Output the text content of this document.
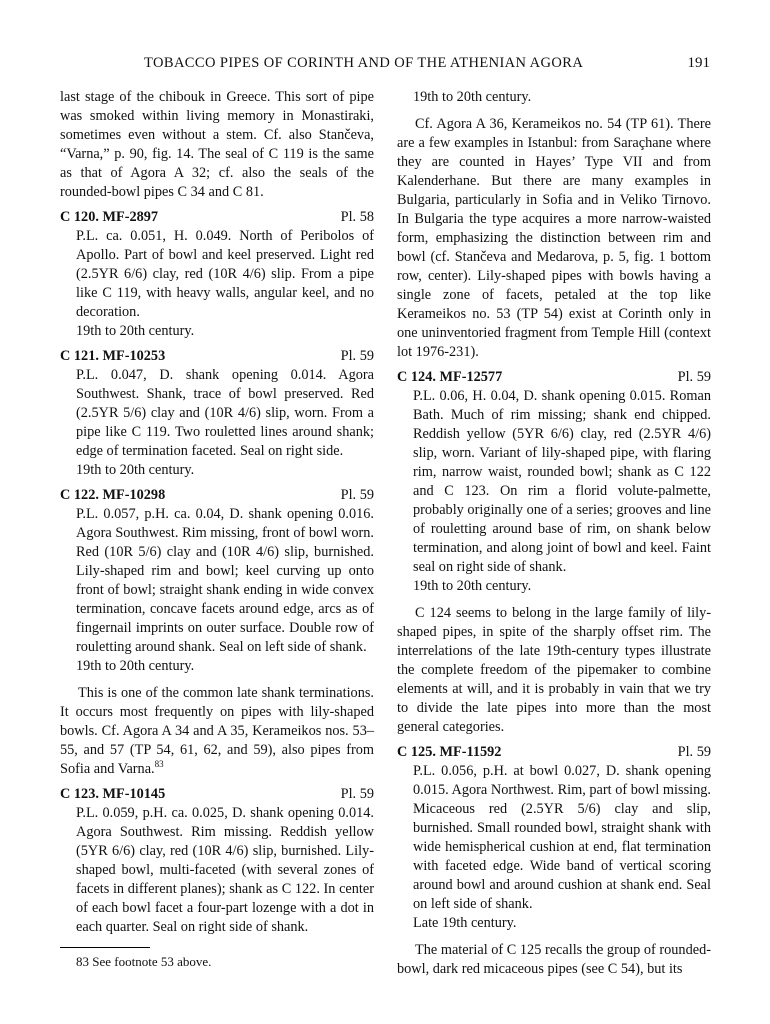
TOBACCO PIPES OF CORINTH AND OF THE ATHENIAN AGORA	191

last stage of the chibouk in Greece. This sort of pipe was smoked within living memory in Monastiraki, sometimes even without a stem. Cf. also Stančeva, “Varna,” p. 90, fig. 14. The seal of C 119 is the same as that of Agora A 32; cf. also the seals of the rounded-bowl pipes C 34 and C 81.

C 120. MF-2897	Pl. 58

P.L. ca. 0.051, H. 0.049. North of Peribolos of Apollo. Part of bowl and keel preserved. Light red (2.5YR 6/6) clay, red (10R 4/6) slip. From a pipe like C 119, with heavy walls, angular keel, and no decoration.

19th to 20th century.

C 121. MF-10253	Pl. 59

P.L. 0.047, D. shank opening 0.014. Agora Southwest. Shank, trace of bowl preserved. Red (2.5YR 5/6) clay and (10R 4/6) slip, worn. From a pipe like C 119. Two rouletted lines around shank; edge of termination faceted. Seal on right side.

19th to 20th century.

C 122. MF-10298	Pl. 59

P.L. 0.057, p.H. ca. 0.04, D. shank opening 0.016. Agora Southwest. Rim missing, front of bowl worn. Red (10R 5/6) clay and (10R 4/6) slip, burnished. Lily-shaped rim and bowl; keel curving up onto front of bowl; straight shank ending in wide convex termination, concave facets around edge, arcs as of fingernail imprints on outer surface. Double row of rouletting around shank. Seal on left side of shank.

19th to 20th century.

This is one of the common late shank terminations. It occurs most frequently on pipes with lily-shaped bowls. Cf. Agora A 34 and A 35, Kerameikos nos. 53–55, and 57 (TP 54, 61, 62, and 59), also pipes from Sofia and Varna.$^{83}$

C 123. MF-10145	Pl. 59

P.L. 0.059, p.H. ca. 0.025, D. shank opening 0.014. Agora Southwest. Rim missing. Reddish yellow (5YR 6/6) clay, red (10R 4/6) slip, burnished. Lily-shaped bowl, multi-faceted (with several zones of facets in different planes); shank as C 122. In center of each bowl facet a four-part lozenge with a dot in each quarter. Seal on right side of shank.

83 See footnote 53 above.

19th to 20th century.

Cf. Agora A 36, Kerameikos no. 54 (TP 61). There are a few examples in Istanbul: from Saraçhane where they are counted in Hayes’ Type VII and from Kalenderhane. But there are many examples in Bulgaria, particularly in Sofia and in Veliko Tirnovo. In Bulgaria the type acquires a more narrow-waisted form, emphasizing the distinction between rim and bowl (cf. Stančeva and Medarova, p. 5, fig. 1 bottom row, center). Lily-shaped pipes with bowls having a single zone of facets, petaled at the top like Kerameikos no. 53 (TP 54) exist at Corinth only in one uninventoried fragment from Temple Hill (context lot 1976-231).

C 124. MF-12577	Pl. 59

P.L. 0.06, H. 0.04, D. shank opening 0.015. Roman Bath. Much of rim missing; shank end chipped. Reddish yellow (5YR 6/6) clay, red (2.5YR 4/6) slip, worn. Variant of lily-shaped pipe, with flaring rim, narrow waist, rounded bowl; shank as C 122 and C 123. On rim a florid volute-palmette, probably originally one of a series; grooves and line of rouletting around base of rim, on shank below termination, and along joint of bowl and keel. Faint seal on right side of shank.

19th to 20th century.

C 124 seems to belong in the large family of lily-shaped pipes, in spite of the sharply offset rim. The interrelations of the late 19th-century types illustrate the complete freedom of the pipemaker to combine elements at will, and it is probably in vain that we try to divide the late pipes into more than the most general categories.

C 125. MF-11592	Pl. 59

P.L. 0.056, p.H. at bowl 0.027, D. shank opening 0.015. Agora Northwest. Rim, part of bowl missing. Micaceous red (2.5YR 5/6) clay and slip, burnished. Small rounded bowl, straight shank with wide hemispherical cushion at end, flat termination with faceted edge. Wide band of vertical scoring around bowl and around cushion at shank end. Seal on left side of shank.

Late 19th century.

The material of C 125 recalls the group of rounded-bowl, dark red micaceous pipes (see C 54), but its
